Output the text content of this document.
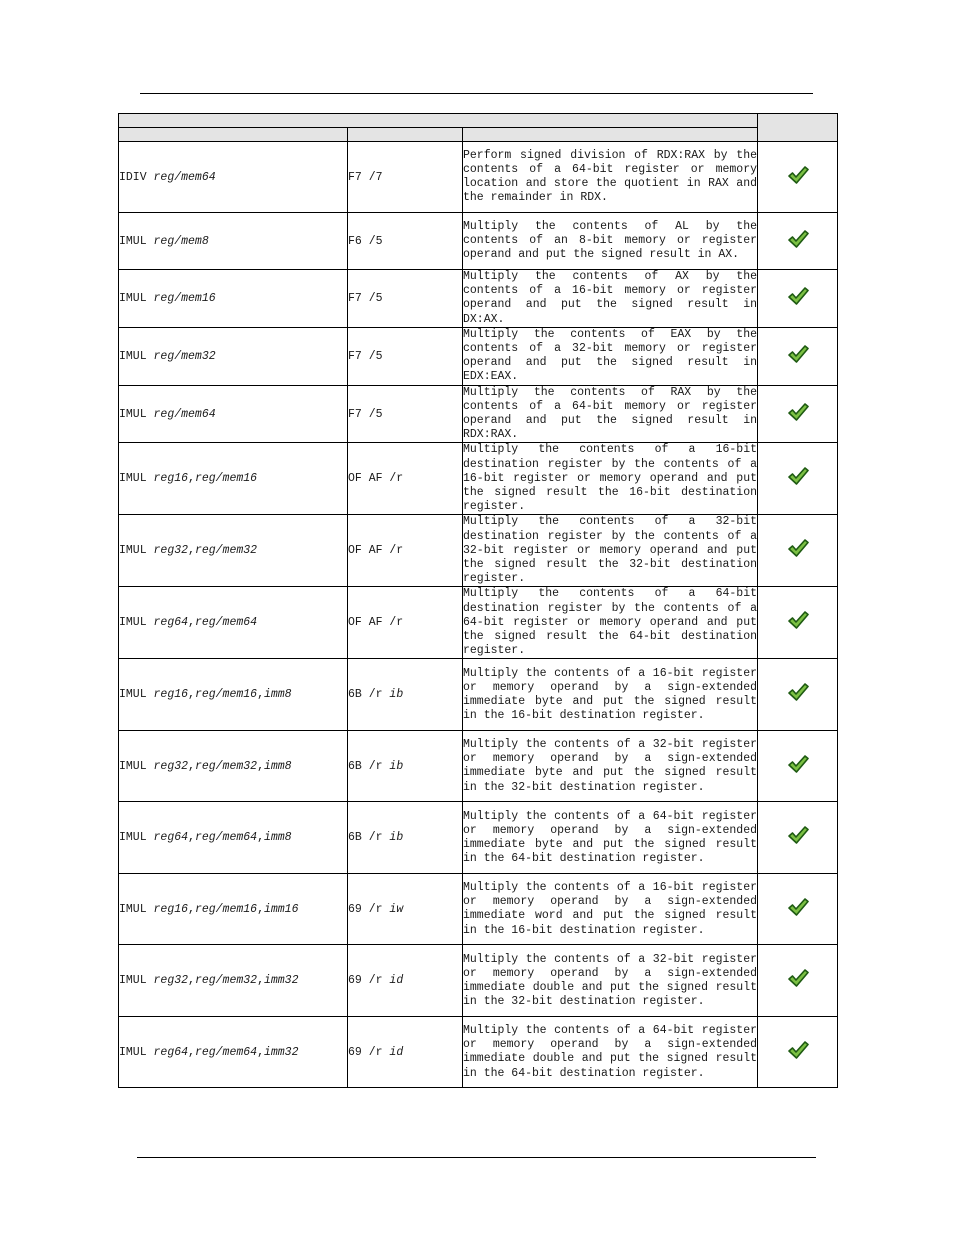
IDIV reg/mem64	F7 /7	Perform signed division of RDX:RAX by the contents of a 64-bit register or memory location and store the quotient in RAX and the remainder in RDX.	

IMUL reg/mem8	F6 /5	Multiply the contents of AL by the contents of an 8-bit memory or register operand and put the signed result in AX.	

IMUL reg/mem16	F7 /5	Multiply the contents of AX by the contents of a 16-bit memory or register operand and put the signed result in DX:AX.	

IMUL reg/mem32	F7 /5	Multiply the contents of EAX by the contents of a 32-bit memory or register operand and put the signed result in EDX:EAX.	

IMUL reg/mem64	F7 /5	Multiply the contents of RAX by the contents of a 64-bit memory or register operand and put the signed result in RDX:RAX.	

IMUL reg16,reg/mem16	OF AF /r	Multiply the contents of a 16-bit destination register by the contents of a 16-bit register or memory operand and put the signed result the 16-bit destination register.	

IMUL reg32,reg/mem32	OF AF /r	Multiply the contents of a 32-bit destination register by the contents of a 32-bit register or memory operand and put the signed result the 32-bit destination register.	

IMUL reg64,reg/mem64	OF AF /r	Multiply the contents of a 64-bit destination register by the contents of a 64-bit register or memory operand and put the signed result the 64-bit destination register.	

IMUL reg16,reg/mem16,imm8	6B /r ib	Multiply the contents of a 16-bit register or memory operand by a sign-extended immediate byte and put the signed result in the 16-bit destination register.	

IMUL reg32,reg/mem32,imm8	6B /r ib	Multiply the contents of a 32-bit register or memory operand by a sign-extended immediate byte and put the signed result in the 32-bit destination register.	

IMUL reg64,reg/mem64,imm8	6B /r ib	Multiply the contents of a 64-bit register or memory operand by a sign-extended immediate byte and put the signed result in the 64-bit destination register.	

IMUL reg16,reg/mem16,imm16	69 /r iw	Multiply the contents of a 16-bit register or memory operand by a sign-extended immediate word and put the signed result in the 16-bit destination register.	

IMUL reg32,reg/mem32,imm32	69 /r id	Multiply the contents of a 32-bit register or memory operand by a sign-extended immediate double and put the signed result in the 32-bit destination register.	

IMUL reg64,reg/mem64,imm32	69 /r id	Multiply the contents of a 64-bit register or memory operand by a sign-extended immediate double and put the signed result in the 64-bit destination register.	
